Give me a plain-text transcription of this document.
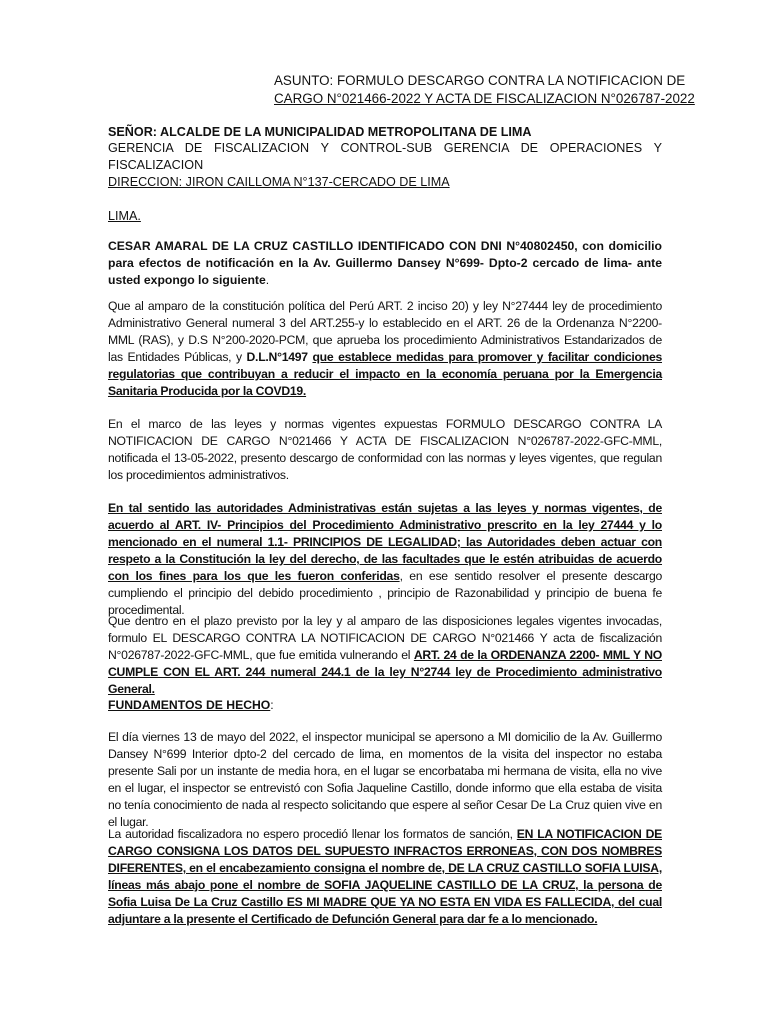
ASUNTO: FORMULO DESCARGO CONTRA LA NOTIFICACION DE
CARGO N°021466-2022 Y ACTA DE FISCALIZACION N°026787-2022
SEÑOR: ALCALDE DE LA MUNICIPALIDAD METROPOLITANA DE LIMA
GERENCIA DE FISCALIZACION Y CONTROL-SUB GERENCIA DE OPERACIONES Y FISCALIZACION
DIRECCION: JIRON CAILLOMA N°137-CERCADO DE LIMA
LIMA.
CESAR AMARAL DE LA CRUZ CASTILLO IDENTIFICADO CON DNI N°40802450, con domicilio para efectos de notificación en la Av. Guillermo Dansey N°699- Dpto-2 cercado de lima- ante usted expongo lo siguiente.
Que al amparo de la constitución política del Perú ART. 2 inciso 20) y ley N°27444 ley de procedimiento Administrativo General numeral 3 del ART.255-y lo establecido en el ART. 26 de la Ordenanza N°2200-MML (RAS), y D.S N°200-2020-PCM, que aprueba los procedimiento Administrativos Estandarizados de las Entidades Públicas, y D.L.N°1497 que establece medidas para promover y facilitar condiciones regulatorias que contribuyan a reducir el impacto en la economía peruana por la Emergencia Sanitaria Producida por la COVD19.
En el marco de las leyes y normas vigentes expuestas FORMULO DESCARGO CONTRA LA NOTIFICACION DE CARGO N°021466 Y ACTA DE FISCALIZACION N°026787-2022-GFC-MML, notificada el 13-05-2022, presento descargo de conformidad con las normas y leyes vigentes, que regulan los procedimientos administrativos.
En tal sentido las autoridades Administrativas están sujetas a las leyes y normas vigentes, de acuerdo al ART. IV- Principios del Procedimiento Administrativo prescrito en la ley 27444 y lo mencionado en el numeral 1.1- PRINCIPIOS DE LEGALIDAD; las Autoridades deben actuar con respeto a la Constitución la ley del derecho, de las facultades que le estén atribuidas de acuerdo con los fines para los que les fueron conferidas, en ese sentido resolver el presente descargo cumpliendo el principio del debido procedimiento , principio de Razonabilidad y principio de buena fe procedimental.
Que dentro en el plazo previsto por la ley y al amparo de las disposiciones legales vigentes invocadas, formulo EL DESCARGO CONTRA LA NOTIFICACION DE CARGO N°021466 Y acta de fiscalización N°026787-2022-GFC-MML, que fue emitida vulnerando el ART. 24 de la ORDENANZA 2200- MML Y NO CUMPLE CON EL ART. 244 numeral 244.1 de la ley N°2744 ley de Procedimiento administrativo General.
FUNDAMENTOS DE HECHO:
El día viernes 13 de mayo del 2022, el inspector municipal se apersono a MI domicilio de la Av. Guillermo Dansey N°699 Interior dpto-2 del cercado de lima, en momentos de la visita del inspector no estaba presente Sali por un instante de media hora, en el lugar se encorbataba mi hermana de visita, ella no vive en el lugar, el inspector se entrevistó con Sofia Jaqueline Castillo, donde informo que ella estaba de visita no tenía conocimiento de nada al respecto solicitando que espere al señor Cesar De La Cruz quien vive en el lugar.
La autoridad fiscalizadora no espero procedió llenar los formatos de sanción, EN LA NOTIFICACION DE CARGO CONSIGNA LOS DATOS DEL SUPUESTO INFRACTOS ERRONEAS, CON DOS NOMBRES DIFERENTES, en el encabezamiento consigna el nombre de, DE LA CRUZ CASTILLO SOFIA LUISA, líneas más abajo pone el nombre de SOFIA JAQUELINE CASTILLO DE LA CRUZ, la persona de Sofia Luisa De La Cruz Castillo ES MI MADRE QUE YA NO ESTA EN VIDA ES FALLECIDA, del cual adjuntare a la presente el Certificado de Defunción General para dar fe a lo mencionado.
